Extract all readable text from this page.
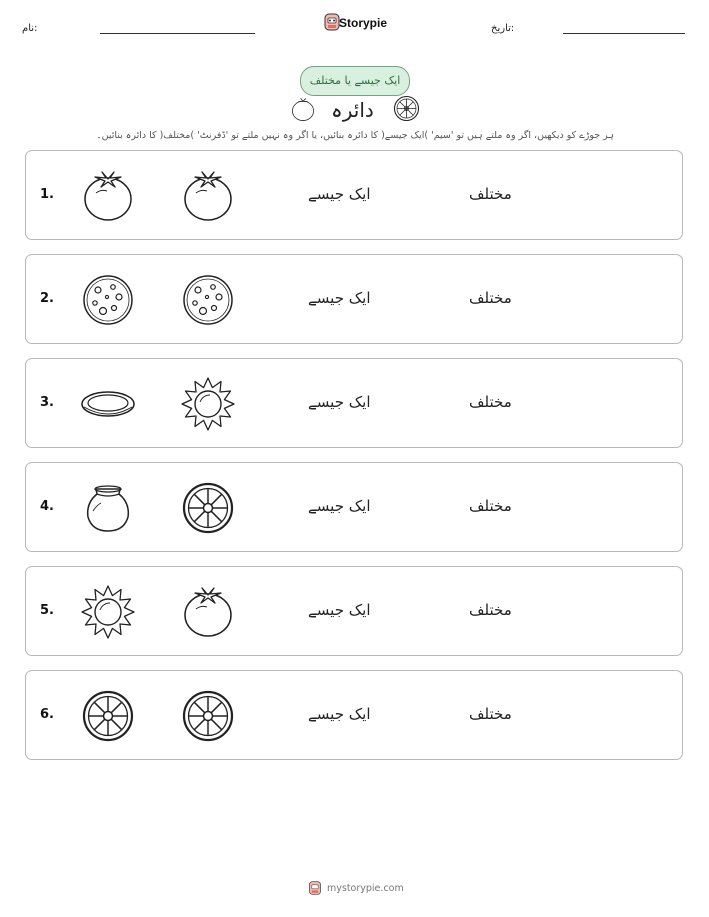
نام:	Storypie	تاریخ:
ایک جیسے یا مختلف
دائرہ
ہر جوڑے کو دیکھیں، اگر وہ ملتے ہیں تو 'سیم' )ایک جیسے( کا دائرہ بنائیں، یا اگر وہ نہیں ملتے تو 'ڈفرنٹ' )مختلف( کا دائرہ بنائیں۔
1.	ایک جیسے	مختلف
2.	ایک جیسے	مختلف
3.	ایک جیسے	مختلف
4.	ایک جیسے	مختلف
5.	ایک جیسے	مختلف
6.	ایک جیسے	مختلف
mystorypie.com
